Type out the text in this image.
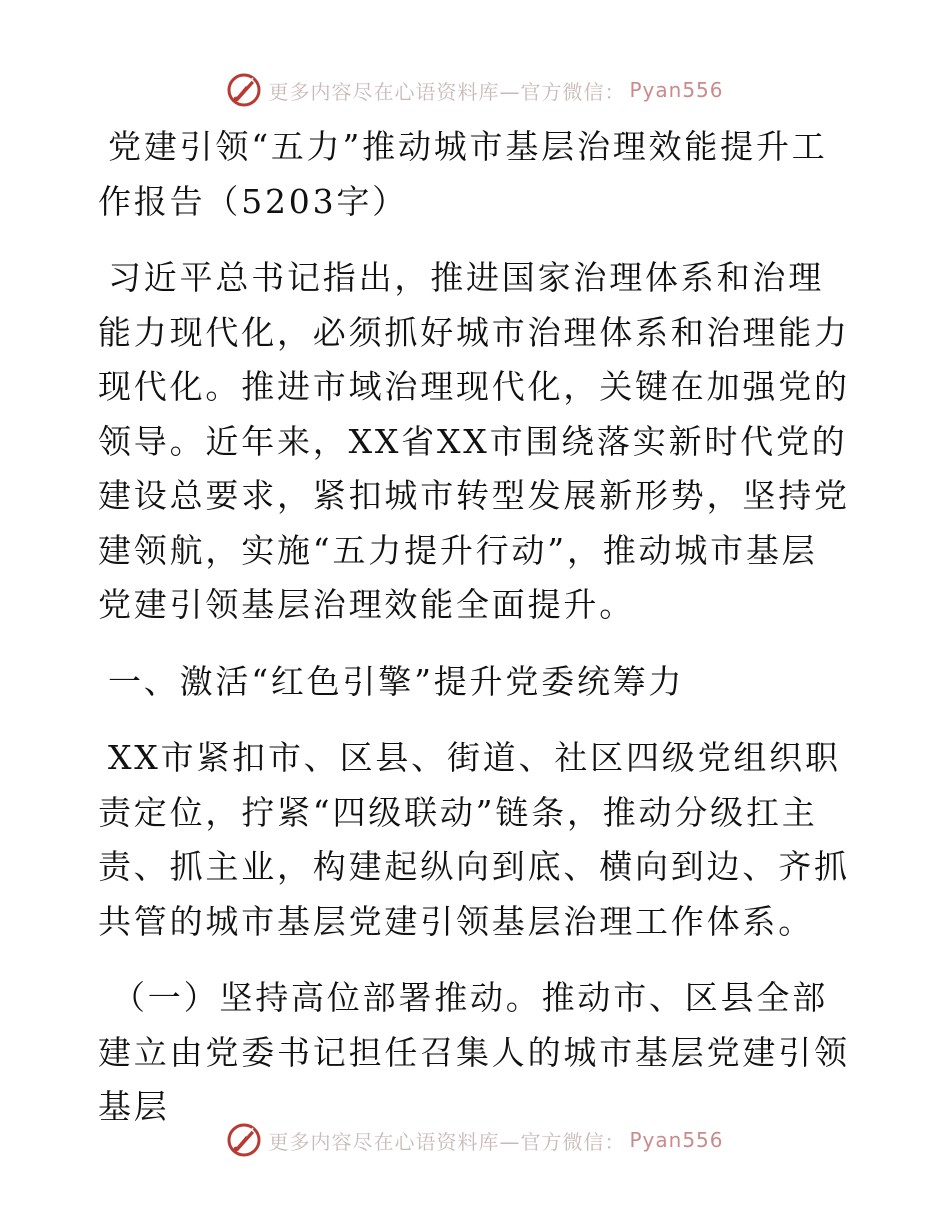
更多内容尽在心语资料库—官方微信： Pyan556

党建引领“五力”推动城市基层治理效能提升工作报告（5203字）

习近平总书记指出，推进国家治理体系和治理能力现代化，必须抓好城市治理体系和治理能力现代化。推进市域治理现代化，关键在加强党的领导。近年来，XX省XX市围绕落实新时代党的建设总要求，紧扣城市转型发展新形势，坚持党建领航，实施“五力提升行动”，推动城市基层党建引领基层治理效能全面提升。

一、激活“红色引擎”提升党委统筹力

XX市紧扣市、区县、街道、社区四级党组织职责定位，拧紧“四级联动”链条，推动分级扛主责、抓主业，构建起纵向到底、横向到边、齐抓共管的城市基层党建引领基层治理工作体系。

（一）坚持高位部署推动。推动市、区县全部建立由党委书记担任召集人的城市基层党建引领基层

更多内容尽在心语资料库—官方微信： Pyan556
